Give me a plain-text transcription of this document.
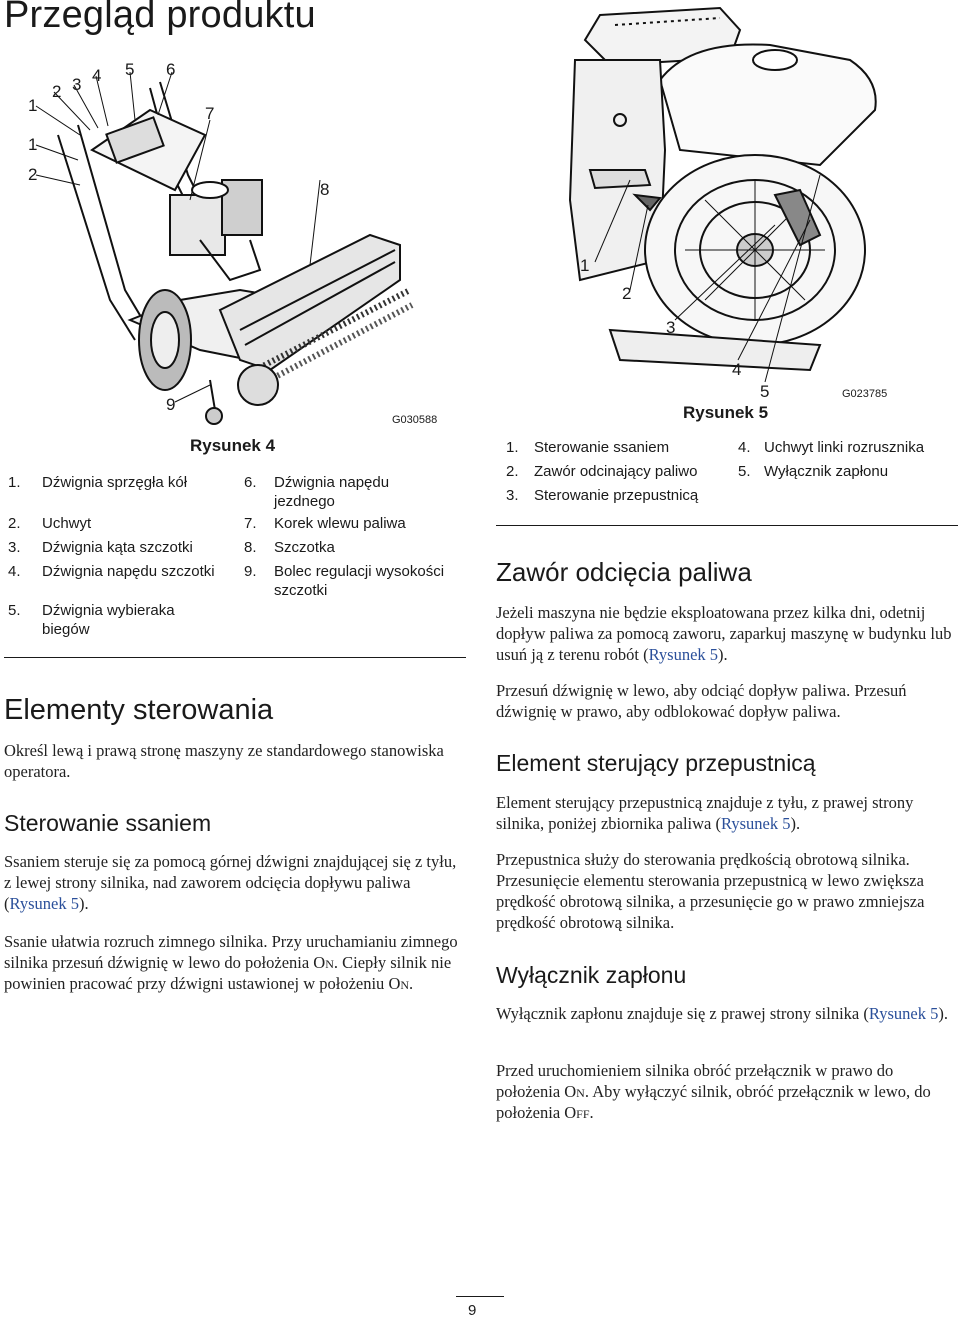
Przegląd produktu
1
2 3 4 5
1
2
6
7
8
9
G030588
Rysunek 4
1. Dźwignia sprzęgła kół
2. Uchwyt
3. Dźwignia kąta szczotki
4. Dźwignia napędu szczotki
5. Dźwignia wybieraka biegów
6. Dźwignia napędu jezdnego
7. Korek wlewu paliwa
8. Szczotka
9. Bolec regulacji wysokości szczotki
Elementy sterowania

Określ lewą i prawą stronę maszyny ze standardowego stanowiska operatora.

Sterowanie ssaniem

Ssaniem steruje się za pomocą górnej dźwigni znajdującej się z tyłu, z lewej strony silnika, nad zaworem odcięcia dopływu paliwa (Rysunek 5).

Ssanie ułatwia rozruch zimnego silnika. Przy uruchamianiu zimnego silnika przesuń dźwignię w lewo do położenia On. Ciepły silnik nie powinien pracować przy dźwigni ustawionej w położeniu On.

1
2
3
4
5	G023785
Rysunek 5
1. Sterowanie ssaniem
2. Zawór odcinający paliwo
3. Sterowanie przepustnicą
4. Uchwyt linki rozrusznika
5. Wyłącznik zapłonu
Zawór odcięcia paliwa

Jeżeli maszyna nie będzie eksploatowana przez kilka dni, odetnij dopływ paliwa za pomocą zaworu, zaparkuj maszynę w budynku lub usuń ją z terenu robót (Rysunek 5).

Przesuń dźwignię w lewo, aby odciąć dopływ paliwa. Przesuń dźwignię w prawo, aby odblokować dopływ paliwa.

Element sterujący przepustnicą

Element sterujący przepustnicą znajduje z tyłu, z prawej strony silnika, poniżej zbiornika paliwa (Rysunek 5).

Przepustnica służy do sterowania prędkością obrotową silnika. Przesunięcie elementu sterowania przepustnicą w lewo zwiększa prędkość obrotową silnika, a przesunięcie go w prawo zmniejsza prędkość obrotową silnika.

Wyłącznik zapłonu

Wyłącznik zapłonu znajduje się z prawej strony silnika (Rysunek 5).

Przed uruchomieniem silnika obróć przełącznik w prawo do położenia On. Aby wyłączyć silnik, obróć przełącznik w lewo, do położenia Off.

9
